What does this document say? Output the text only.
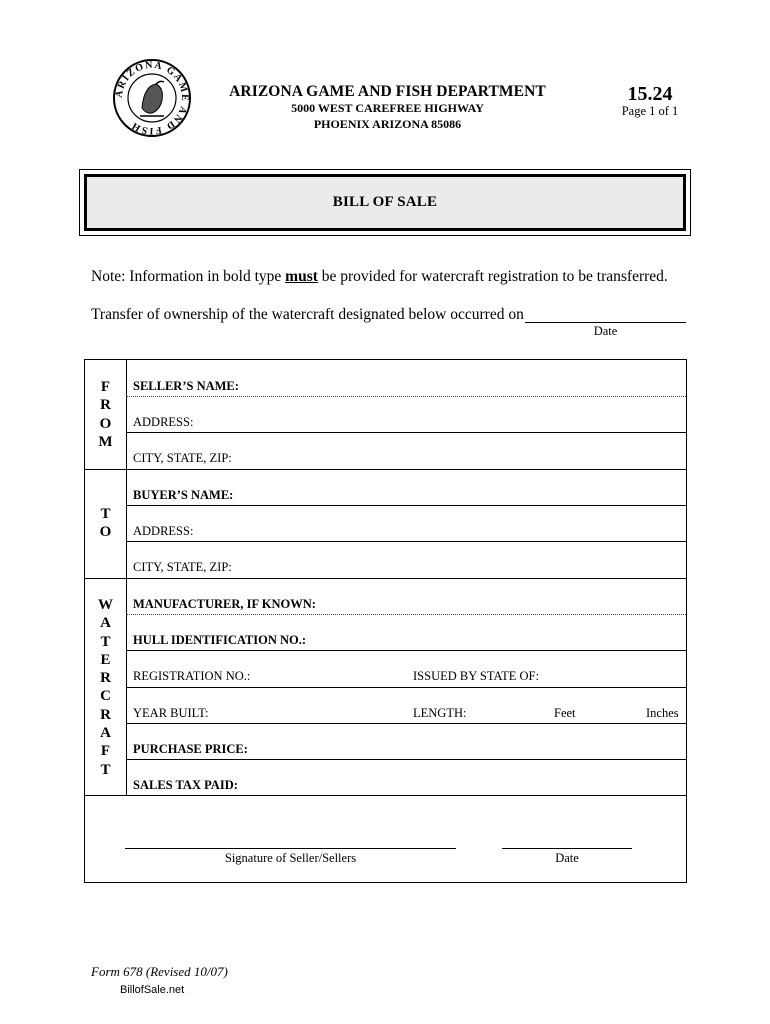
ARIZONA GAME AND FISH
ARIZONA GAME AND FISH DEPARTMENT
5000 WEST CAREFREE HIGHWAY
PHOENIX ARIZONA 85086
15.24
Page 1 of 1
BILL OF SALE
Note: Information in bold type must be provided for watercraft registration to be transferred.
Transfer of ownership of the watercraft designated below occurred on
Date
F
R
O
M
SELLER’S NAME:
ADDRESS:
CITY, STATE, ZIP:
T
O
BUYER’S NAME:
ADDRESS:
CITY, STATE, ZIP:
W
A
T
E
R
C
R
A
F
T
MANUFACTURER, IF KNOWN:
HULL IDENTIFICATION NO.:
REGISTRATION NO.:	ISSUED BY STATE OF:
YEAR BUILT:	LENGTH:	Feet	Inches
PURCHASE PRICE:
SALES TAX PAID:
Signature of Seller/Sellers	Date
Form 678 (Revised 10/07)
BillofSale.net
